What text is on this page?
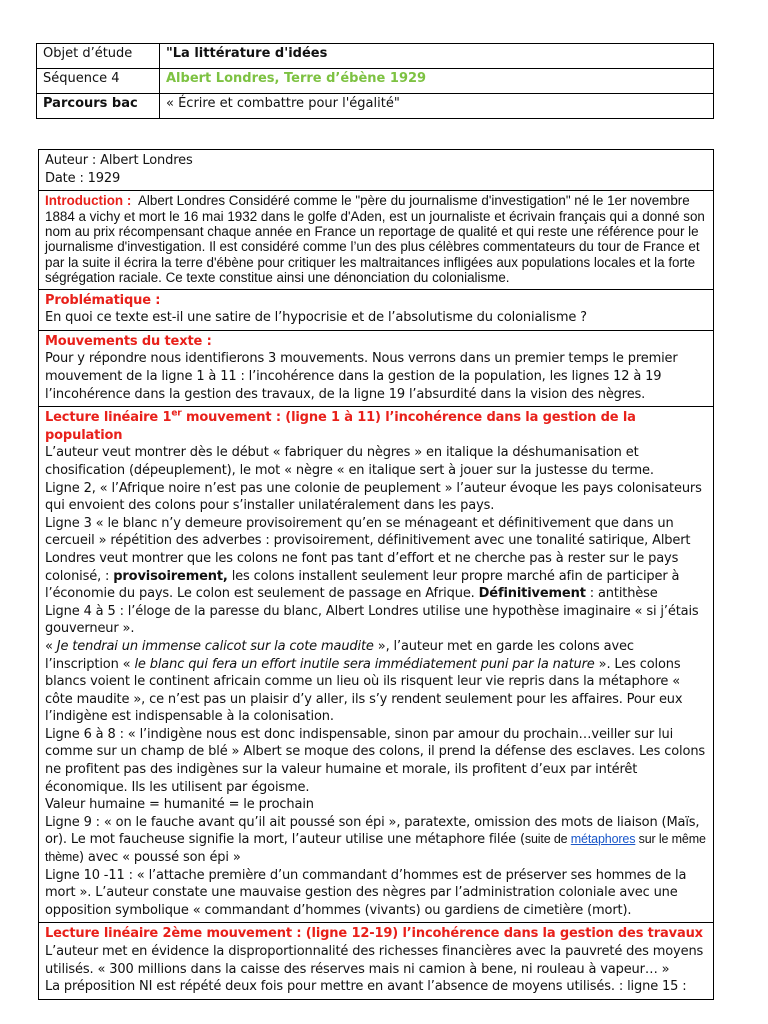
Objet d’étude	"La littérature d'idées
Séquence 4	Albert Londres, Terre d’ébène 1929
Parcours bac	« Écrire et combattre pour l'égalité"
Auteur : Albert Londres
Date : 1929

Introduction : Albert Londres Considéré comme le "père du journalisme d'investigation" né le 1er novembre 1884 a vichy et mort le 16 mai 1932 dans le golfe d'Aden, est un journaliste et écrivain français qui a donné son nom au prix récompensant chaque année en France un reportage de qualité et qui reste une référence pour le journalisme d'investigation. Il est considéré comme l’un des plus célèbres commentateurs du tour de France et par la suite il écrira la terre d'ébène pour critiquer les maltraitances infligées aux populations locales et la forte ségrégation raciale. Ce texte constitue ainsi une dénonciation du colonialisme.

Problématique :
En quoi ce texte est-il une satire de l’hypocrisie et de l’absolutisme du colonialisme ?

Mouvements du texte :
Pour y répondre nous identifierons 3 mouvements. Nous verrons dans un premier temps le premier mouvement de la ligne 1 à 11 : l’incohérence dans la gestion de la population, les lignes 12 à 19 l’incohérence dans la gestion des travaux, de la ligne 19 l’absurdité dans la vision des nègres.

Lecture linéaire 1er mouvement : (ligne 1 à 11) l’incohérence dans la gestion de la population
L’auteur veut montrer dès le début « fabriquer du nègres » en italique la déshumanisation et chosification (dépeuplement), le mot « nègre « en italique sert à jouer sur la justesse du terme.
Ligne 2, « l’Afrique noire n’est pas une colonie de peuplement » l’auteur évoque les pays colonisateurs qui envoient des colons pour s’installer unilatéralement dans les pays.
Ligne 3 « le blanc n’y demeure provisoirement qu’en se ménageant et définitivement que dans un cercueil » répétition des adverbes : provisoirement, définitivement avec une tonalité satirique, Albert Londres veut montrer que les colons ne font pas tant d’effort et ne cherche pas à rester sur le pays colonisé, : provisoirement, les colons installent seulement leur propre marché afin de participer à l’économie du pays. Le colon est seulement de passage en Afrique. Définitivement : antithèse
Ligne 4 à 5 : l’éloge de la paresse du blanc, Albert Londres utilise une hypothèse imaginaire « si j’étais gouverneur ».
« Je tendrai un immense calicot sur la cote maudite », l’auteur met en garde les colons avec l’inscription « le blanc qui fera un effort inutile sera immédiatement puni par la nature ». Les colons blancs voient le continent africain comme un lieu où ils risquent leur vie repris dans la métaphore « côte maudite », ce n’est pas un plaisir d’y aller, ils s’y rendent seulement pour les affaires. Pour eux l’indigène est indispensable à la colonisation.
Ligne 6 à 8 : « l’indigène nous est donc indispensable, sinon par amour du prochain…veiller sur lui comme sur un champ de blé » Albert se moque des colons, il prend la défense des esclaves. Les colons ne profitent pas des indigènes sur la valeur humaine et morale, ils profitent d’eux par intérêt économique. Ils les utilisent par égoisme.
Valeur humaine = humanité = le prochain
Ligne 9 : « on le fauche avant qu’il ait poussé son épi », paratexte, omission des mots de liaison (Maïs, or). Le mot faucheuse signifie la mort, l’auteur utilise une métaphore filée (suite de métaphores sur le même thème) avec « poussé son épi »
Ligne 10 -11 : « l’attache première d’un commandant d’hommes est de préserver ses hommes de la mort ». L’auteur constate une mauvaise gestion des nègres par l’administration coloniale avec une opposition symbolique « commandant d’hommes (vivants) ou gardiens de cimetière (mort).

Lecture linéaire 2ème mouvement : (ligne 12-19) l’incohérence dans la gestion des travaux
L’auteur met en évidence la disproportionnalité des richesses financières avec la pauvreté des moyens utilisés. « 300 millions dans la caisse des réserves mais ni camion à bene, ni rouleau à vapeur… »
La préposition NI est répété deux fois pour mettre en avant l’absence de moyens utilisés. : ligne 15 :
